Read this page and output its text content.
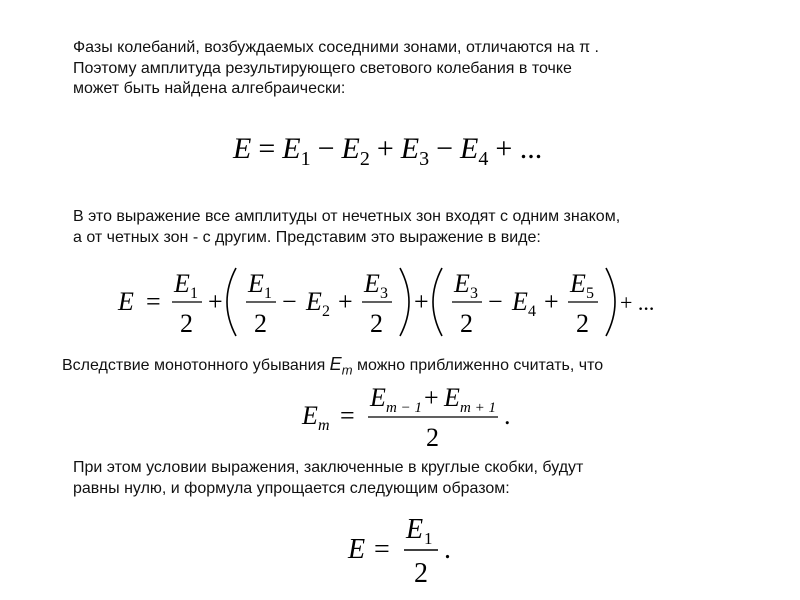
Фазы колебаний, возбуждаемых соседними зонами, отличаются на π .
Поэтому амплитуда результирующего светового колебания в точке
может быть найдена алгебраически:
$E = E_1 - E_2 + E_3 - E_4$ + ...
В это выражение все амплитуды от нечетных зон входят с одним знаком,
а от четных зон - с другим. Представим это выражение в виде:
E =
E 1
2
+
E 1
2
− E 2 +
E 3
2
+
E 3
2
− E 4 +
E 5
2
+ ...
Вследствие монотонного убывания $E_m$ можно приближенно считать, что
E m =
E m − 1 + E m + 1
2
.
При этом условии выражения, заключенные в круглые скобки, будут
равны нулю, и формула упрощается следующим образом:
E =
E 1
2
.
